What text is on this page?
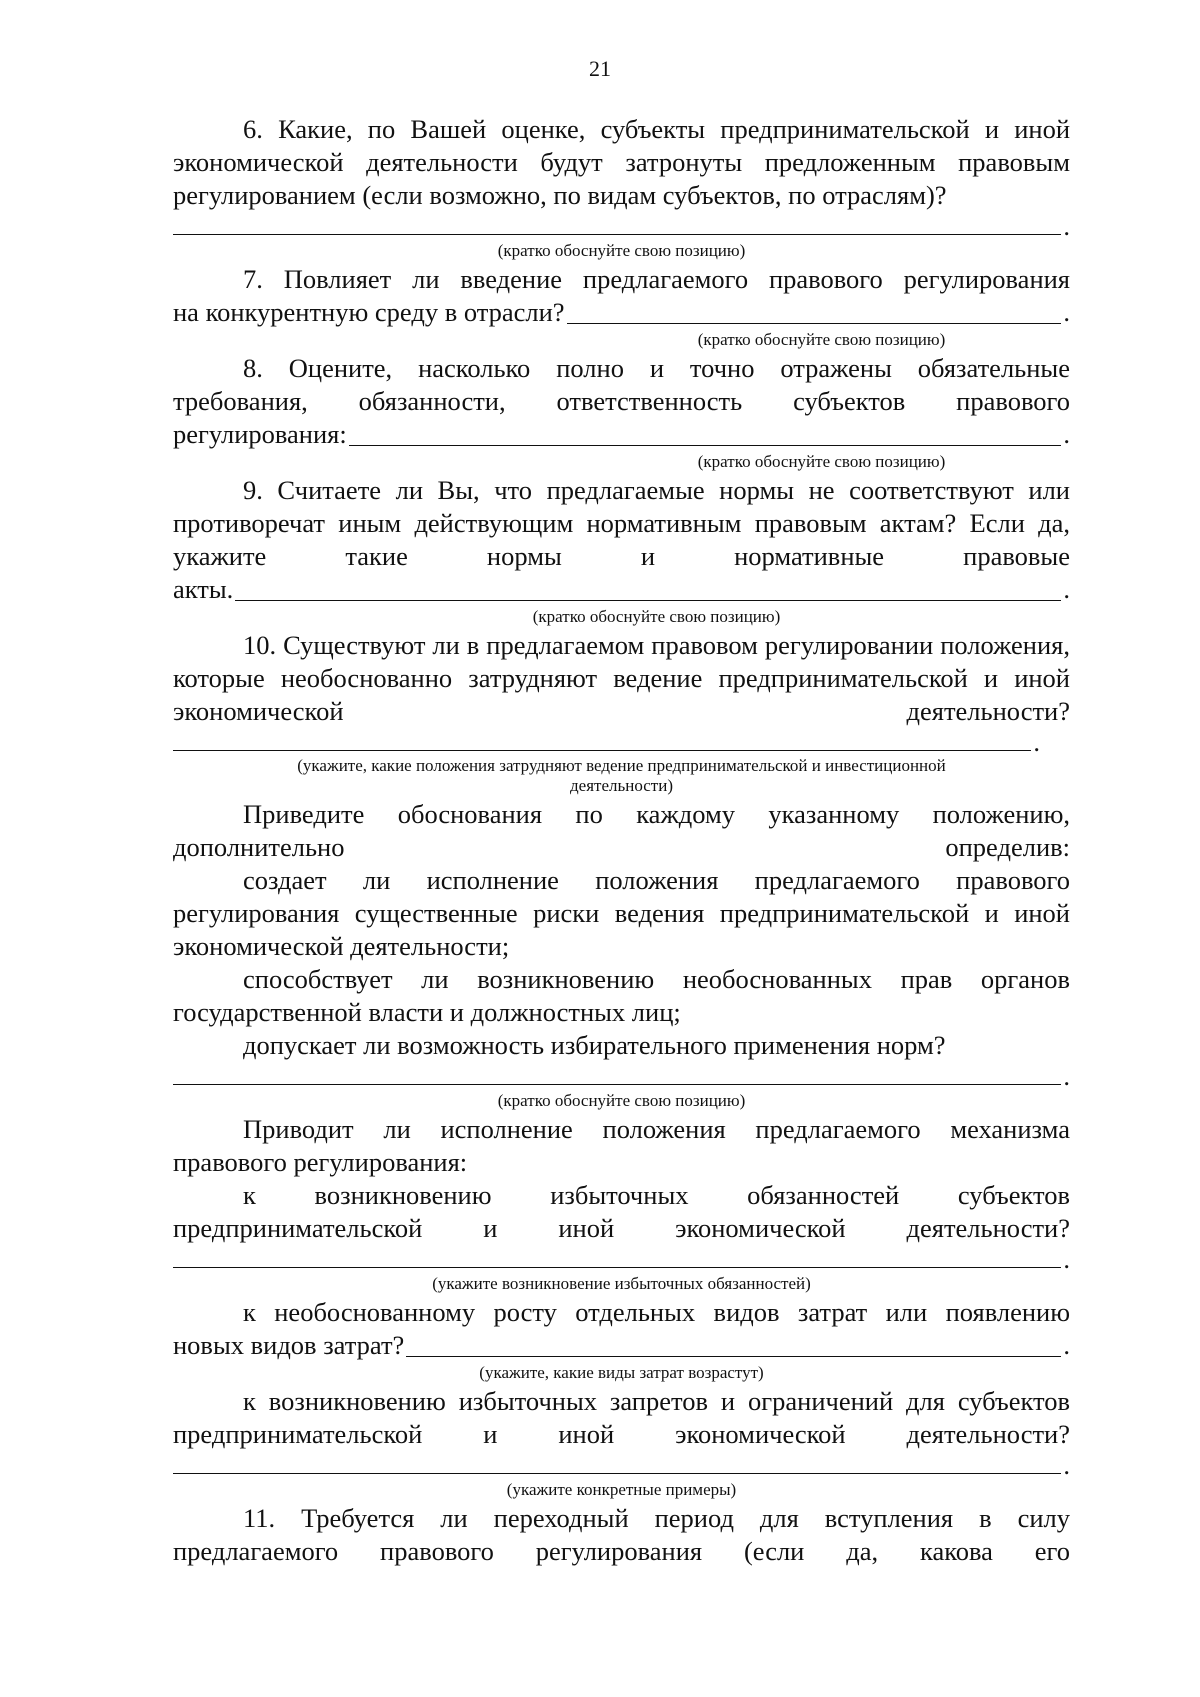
21

6. Какие, по Вашей оценке, субъекты предпринимательской и иной экономической деятельности будут затронуты предложенным правовым регулированием (если возможно, по видам субъектов, по отраслям)?

.
(кратко обоснуйте свою позицию)

7. Повлияет ли введение предлагаемого правового регулирования

на конкурентную среду в отрасли?	.
(кратко обоснуйте свою позицию)

8. Оцените, насколько полно и точно отражены обязательные требования, обязанности, ответственность субъектов правового

регулирования:	.
(кратко обоснуйте свою позицию)

9. Считаете ли Вы, что предлагаемые нормы не соответствуют или противоречат иным действующим нормативным правовым актам? Если да, укажите такие нормы и нормативные правовые

акты.	.
(кратко обоснуйте свою позицию)

10. Существуют ли в предлагаемом правовом регулировании положения, которые необоснованно затрудняют ведение предпринимательской и иной экономической деятельности?

.
(укажите, какие положения затрудняют ведение предпринимательской и инвестиционной
деятельности)

Приведите обоснования по каждому указанному положению, дополнительно определив:

создает ли исполнение положения предлагаемого правового регулирования существенные риски ведения предпринимательской и иной экономической деятельности;

способствует ли возникновению необоснованных прав органов государственной власти и должностных лиц;

допускает ли возможность избирательного применения норм?

.
(кратко обоснуйте свою позицию)

Приводит ли исполнение положения предлагаемого механизма правового регулирования:

к возникновению избыточных обязанностей субъектов предпринимательской и иной экономической деятельности?

.
(укажите возникновение избыточных обязанностей)

к необоснованному росту отдельных видов затрат или появлению

новых видов затрат?	.
(укажите, какие виды затрат возрастут)

к возникновению избыточных запретов и ограничений для субъектов предпринимательской и иной экономической деятельности?

.
(укажите конкретные примеры)

11. Требуется ли переходный период для вступления в силу предлагаемого правового регулирования (если да, какова его
